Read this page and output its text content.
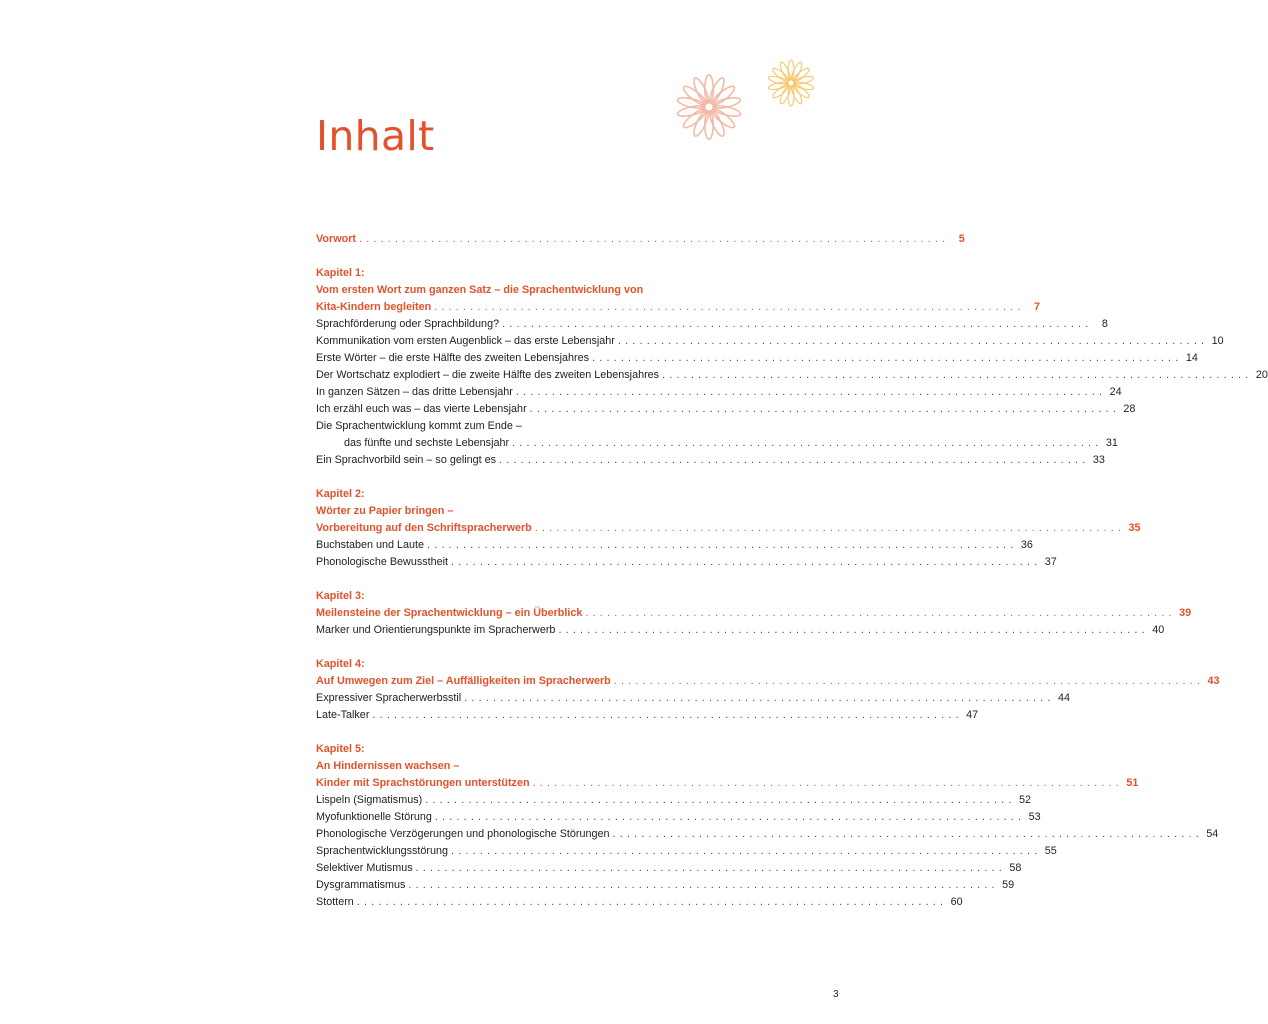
Inhalt
Vorwort . . . . . . . . . . . . . . . . . . . . . . . . . . . . . . . . . . . . . . . . . . . . . . . . . . . . . . . . . . . . . . . . . . . . . . . . . . . . . . . . . .	5
Kapitel 1:
Vom ersten Wort zum ganzen Satz – die Sprachentwicklung von
Kita-Kindern begleiten . . . . . . . . . . . . . . . . . . . . . . . . . . . . . . . . . . . . . . . . . . . . . . . . . . . . . . . . . . . . . . . . . . . . . . . . . . . . . . . . . .	7
Sprachförderung oder Sprachbildung? . . . . . . . . . . . . . . . . . . . . . . . . . . . . . . . . . . . . . . . . . . . . . . . . . . . . . . . . . . . . . . . . . . . . . . . . . . . . . . . . . .	8
Kommunikation vom ersten Augenblick – das erste Lebensjahr . . . . . . . . . . . . . . . . . . . . . . . . . . . . . . . . . . . . . . . . . . . . . . . . . . . . . . . . . . . . . . . . . . . . . . . . . . . . . . . . . . 10
Erste Wörter – die erste Hälfte des zweiten Lebensjahres . . . . . . . . . . . . . . . . . . . . . . . . . . . . . . . . . . . . . . . . . . . . . . . . . . . . . . . . . . . . . . . . . . . . . . . . . . . . . . . . . . 14
Der Wortschatz explodiert – die zweite Hälfte des zweiten Lebensjahres . . . . . . . . . . . . . . . . . . . . . . . . . . . . . . . . . . . . . . . . . . . . . . . . . . . . . . . . . . . . . . . . . . . . . . . . . . . . . . . . . . 20
In ganzen Sätzen – das dritte Lebensjahr . . . . . . . . . . . . . . . . . . . . . . . . . . . . . . . . . . . . . . . . . . . . . . . . . . . . . . . . . . . . . . . . . . . . . . . . . . . . . . . . . . 24
Ich erzähl euch was – das vierte Lebensjahr . . . . . . . . . . . . . . . . . . . . . . . . . . . . . . . . . . . . . . . . . . . . . . . . . . . . . . . . . . . . . . . . . . . . . . . . . . . . . . . . . . 28
Die Sprachentwicklung kommt zum Ende –
das fünfte und sechste Lebensjahr . . . . . . . . . . . . . . . . . . . . . . . . . . . . . . . . . . . . . . . . . . . . . . . . . . . . . . . . . . . . . . . . . . . . . . . . . . . . . . . . . . 31
Ein Sprachvorbild sein – so gelingt es . . . . . . . . . . . . . . . . . . . . . . . . . . . . . . . . . . . . . . . . . . . . . . . . . . . . . . . . . . . . . . . . . . . . . . . . . . . . . . . . . . 33
Kapitel 2:
Wörter zu Papier bringen –
Vorbereitung auf den Schriftspracherwerb . . . . . . . . . . . . . . . . . . . . . . . . . . . . . . . . . . . . . . . . . . . . . . . . . . . . . . . . . . . . . . . . . . . . . . . . . . . . . . . . . . 35
Buchstaben und Laute . . . . . . . . . . . . . . . . . . . . . . . . . . . . . . . . . . . . . . . . . . . . . . . . . . . . . . . . . . . . . . . . . . . . . . . . . . . . . . . . . . 36
Phonologische Bewusstheit . . . . . . . . . . . . . . . . . . . . . . . . . . . . . . . . . . . . . . . . . . . . . . . . . . . . . . . . . . . . . . . . . . . . . . . . . . . . . . . . . . 37
Kapitel 3:
Meilensteine der Sprachentwicklung – ein Überblick . . . . . . . . . . . . . . . . . . . . . . . . . . . . . . . . . . . . . . . . . . . . . . . . . . . . . . . . . . . . . . . . . . . . . . . . . . . . . . . . . . 39
Marker und Orientierungspunkte im Spracherwerb . . . . . . . . . . . . . . . . . . . . . . . . . . . . . . . . . . . . . . . . . . . . . . . . . . . . . . . . . . . . . . . . . . . . . . . . . . . . . . . . . . 40
Kapitel 4:
Auf Umwegen zum Ziel – Auffälligkeiten im Spracherwerb . . . . . . . . . . . . . . . . . . . . . . . . . . . . . . . . . . . . . . . . . . . . . . . . . . . . . . . . . . . . . . . . . . . . . . . . . . . . . . . . . . 43
Expressiver Spracherwerbsstil . . . . . . . . . . . . . . . . . . . . . . . . . . . . . . . . . . . . . . . . . . . . . . . . . . . . . . . . . . . . . . . . . . . . . . . . . . . . . . . . . . 44
Late-Talker . . . . . . . . . . . . . . . . . . . . . . . . . . . . . . . . . . . . . . . . . . . . . . . . . . . . . . . . . . . . . . . . . . . . . . . . . . . . . . . . . . 47
Kapitel 5:
An Hindernissen wachsen –
Kinder mit Sprachstörungen unterstützen . . . . . . . . . . . . . . . . . . . . . . . . . . . . . . . . . . . . . . . . . . . . . . . . . . . . . . . . . . . . . . . . . . . . . . . . . . . . . . . . . . 51
Lispeln (Sigmatismus) . . . . . . . . . . . . . . . . . . . . . . . . . . . . . . . . . . . . . . . . . . . . . . . . . . . . . . . . . . . . . . . . . . . . . . . . . . . . . . . . . . 52
Myofunktionelle Störung . . . . . . . . . . . . . . . . . . . . . . . . . . . . . . . . . . . . . . . . . . . . . . . . . . . . . . . . . . . . . . . . . . . . . . . . . . . . . . . . . . 53
Phonologische Verzögerungen und phonologische Störungen . . . . . . . . . . . . . . . . . . . . . . . . . . . . . . . . . . . . . . . . . . . . . . . . . . . . . . . . . . . . . . . . . . . . . . . . . . . . . . . . . . 54
Sprachentwicklungsstörung . . . . . . . . . . . . . . . . . . . . . . . . . . . . . . . . . . . . . . . . . . . . . . . . . . . . . . . . . . . . . . . . . . . . . . . . . . . . . . . . . . 55
Selektiver Mutismus . . . . . . . . . . . . . . . . . . . . . . . . . . . . . . . . . . . . . . . . . . . . . . . . . . . . . . . . . . . . . . . . . . . . . . . . . . . . . . . . . . 58
Dysgrammatismus . . . . . . . . . . . . . . . . . . . . . . . . . . . . . . . . . . . . . . . . . . . . . . . . . . . . . . . . . . . . . . . . . . . . . . . . . . . . . . . . . . 59
Stottern . . . . . . . . . . . . . . . . . . . . . . . . . . . . . . . . . . . . . . . . . . . . . . . . . . . . . . . . . . . . . . . . . . . . . . . . . . . . . . . . . . 60
3
